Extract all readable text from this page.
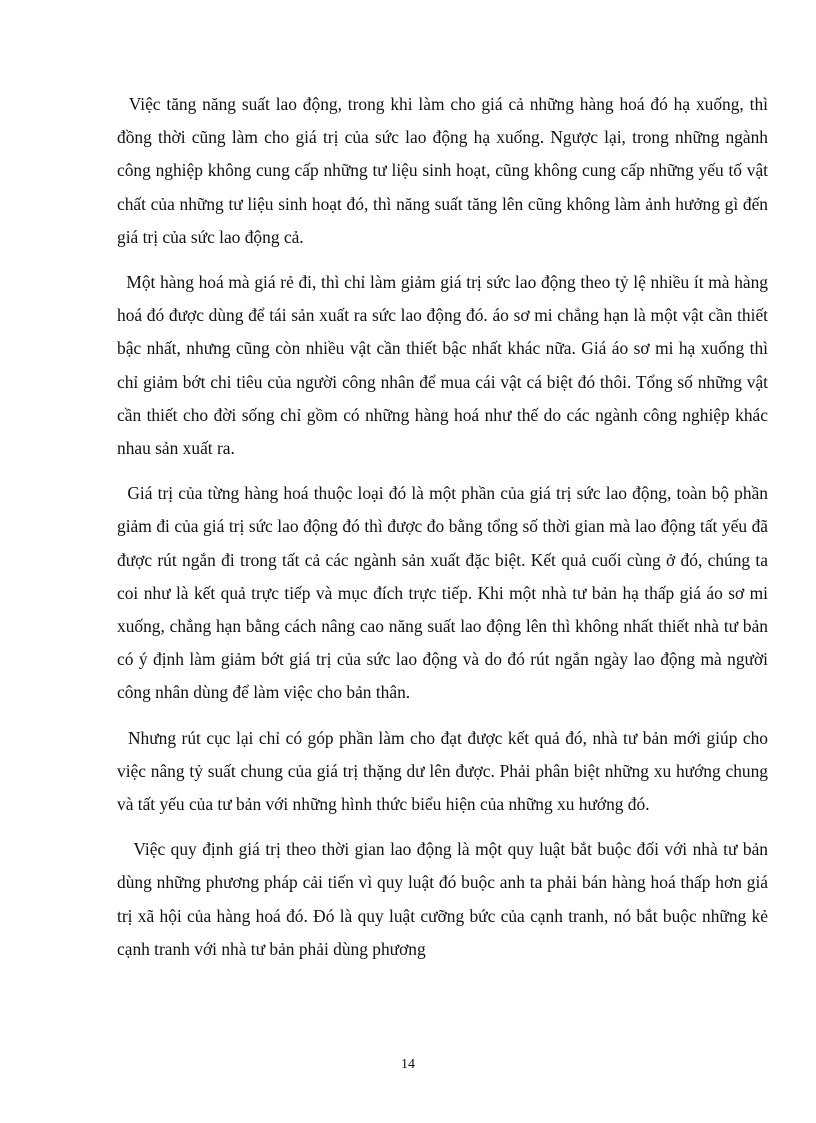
Việc tăng năng suất lao động, trong khi làm cho giá cả những hàng hoá đó hạ xuống, thì đồng thời cũng làm cho giá trị của sức lao động hạ xuống. Ngược lại, trong những ngành công nghiệp không cung cấp những tư liệu sinh hoạt, cũng không cung cấp những yếu tố vật chất của những tư liệu sinh hoạt đó, thì năng suất tăng lên cũng không làm ảnh hưởng gì đến giá trị của sức lao động cả.

Một hàng hoá mà giá rẻ đi, thì chỉ làm giảm giá trị sức lao động theo tỷ lệ nhiều ít mà hàng hoá đó được dùng để tái sản xuất ra sức lao động đó. áo sơ mi chẳng hạn là một vật cần thiết bậc nhất, nhưng cũng còn nhiều vật cần thiết bậc nhất khác nữa. Giá áo sơ mi hạ xuống thì chỉ giảm bớt chi tiêu của người công nhân để mua cái vật cá biệt đó thôi. Tổng số những vật cần thiết cho đời sống chỉ gồm có những hàng hoá như thế do các ngành công nghiệp khác nhau sản xuất ra.

Giá trị của từng hàng hoá thuộc loại đó là một phần của giá trị sức lao động, toàn bộ phần giảm đi của giá trị sức lao động đó thì được đo bằng tổng số thời gian mà lao động tất yếu đã được rút ngắn đi trong tất cả các ngành sản xuất đặc biệt. Kết quả cuối cùng ở đó, chúng ta coi như là kết quả trực tiếp và mục đích trực tiếp. Khi một nhà tư bản hạ thấp giá áo sơ mi xuống, chẳng hạn bằng cách nâng cao năng suất lao động lên thì không nhất thiết nhà tư bản có ý định làm giảm bớt giá trị của sức lao động và do đó rút ngắn ngày lao động mà người công nhân dùng để làm việc cho bản thân.

Nhưng rút cục lại chỉ có góp phần làm cho đạt được kết quả đó, nhà tư bản mới giúp cho việc nâng tỷ suất chung của giá trị thặng dư lên được. Phải phân biệt những xu hướng chung và tất yếu của tư bản với những hình thức biểu hiện của những xu hướng đó.

Việc quy định giá trị theo thời gian lao động là một quy luật bắt buộc đối với nhà tư bản dùng những phương pháp cải tiến vì quy luật đó buộc anh ta phải bán hàng hoá thấp hơn giá trị xã hội của hàng hoá đó. Đó là quy luật cưỡng bức của cạnh tranh, nó bắt buộc những kẻ cạnh tranh với nhà tư bản phải dùng phương

14
